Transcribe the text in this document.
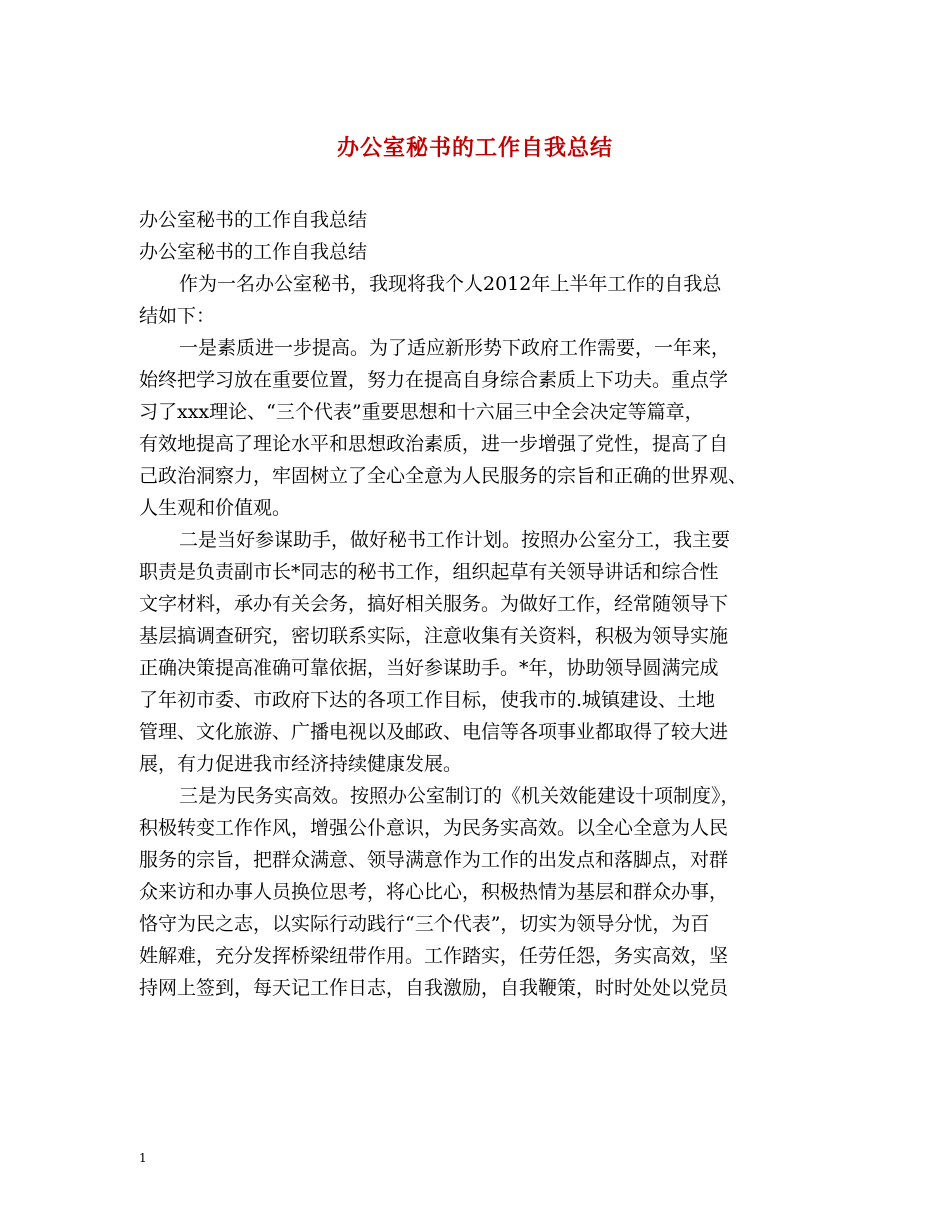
办公室秘书的工作自我总结
办公室秘书的工作自我总结
办公室秘书的工作自我总结
作为一名办公室秘书，我现将我个人2012年上半年工作的自我总
结如下：
一是素质进一步提高。为了适应新形势下政府工作需要，一年来，
始终把学习放在重要位置，努力在提高自身综合素质上下功夫。重点学
习了xxx理论、“三个代表”重要思想和十六届三中全会决定等篇章，
有效地提高了理论水平和思想政治素质，进一步增强了党性，提高了自
己政治洞察力，牢固树立了全心全意为人民服务的宗旨和正确的世界观、
人生观和价值观。
二是当好参谋助手，做好秘书工作计划。按照办公室分工，我主要
职责是负责副市长*同志的秘书工作，组织起草有关领导讲话和综合性
文字材料，承办有关会务，搞好相关服务。为做好工作，经常随领导下
基层搞调查研究，密切联系实际，注意收集有关资料，积极为领导实施
正确决策提高准确可靠依据，当好参谋助手。*年，协助领导圆满完成
了年初市委、市政府下达的各项工作目标，使我市的.城镇建设、土地
管理、文化旅游、广播电视以及邮政、电信等各项事业都取得了较大进
展，有力促进我市经济持续健康发展。
三是为民务实高效。按照办公室制订的《机关效能建设十项制度》，
积极转变工作作风，增强公仆意识，为民务实高效。以全心全意为人民
服务的宗旨，把群众满意、领导满意作为工作的出发点和落脚点，对群
众来访和办事人员换位思考，将心比心，积极热情为基层和群众办事，
恪守为民之志，以实际行动践行“三个代表”，切实为领导分忧，为百
姓解难，充分发挥桥梁纽带作用。工作踏实，任劳任怨，务实高效，坚
持网上签到，每天记工作日志，自我激励，自我鞭策，时时处处以党员
1
